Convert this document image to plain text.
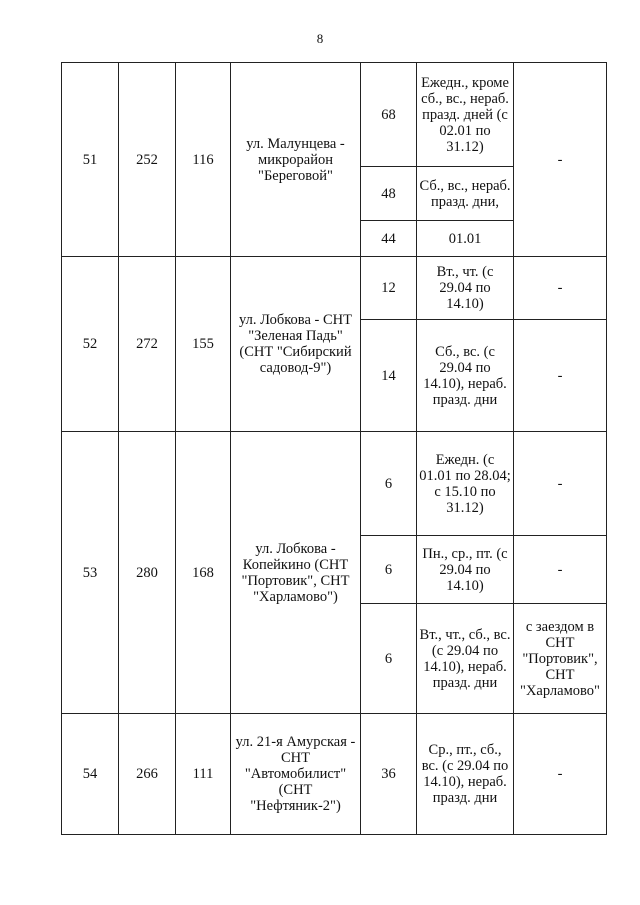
8
51	252	116	ул. Малунцева - микрорайон "Береговой"	68	Ежедн., кроме сб., вс., нераб. празд. дней (с 02.01 по 31.12)	-
				48	Сб., вс., нераб. празд. дни,	
				44	01.01	
52	272	155	ул. Лобкова - СНТ "Зеленая Падь" (СНТ "Сибирский садовод-9")	12	Вт., чт. (с 29.04 по 14.10)	-
				14	Сб., вс. (с 29.04 по 14.10), нераб. празд. дни	-
53	280	168	ул. Лобкова - Копейкино (СНТ "Портовик", СНТ "Харламово")	6	Ежедн. (с 01.01 по 28.04; с 15.10 по 31.12)	-
				6	Пн., ср., пт. (с 29.04 по 14.10)	-
				6	Вт., чт., сб., вс. (с 29.04 по 14.10), нераб. празд. дни	с заездом в СНТ "Портовик", СНТ "Харламово"
54	266	111	ул. 21-я Амурская - СНТ "Автомобилист" (СНТ "Нефтяник-2")	36	Ср., пт., сб., вс. (с 29.04 по 14.10), нераб. празд. дни	-
